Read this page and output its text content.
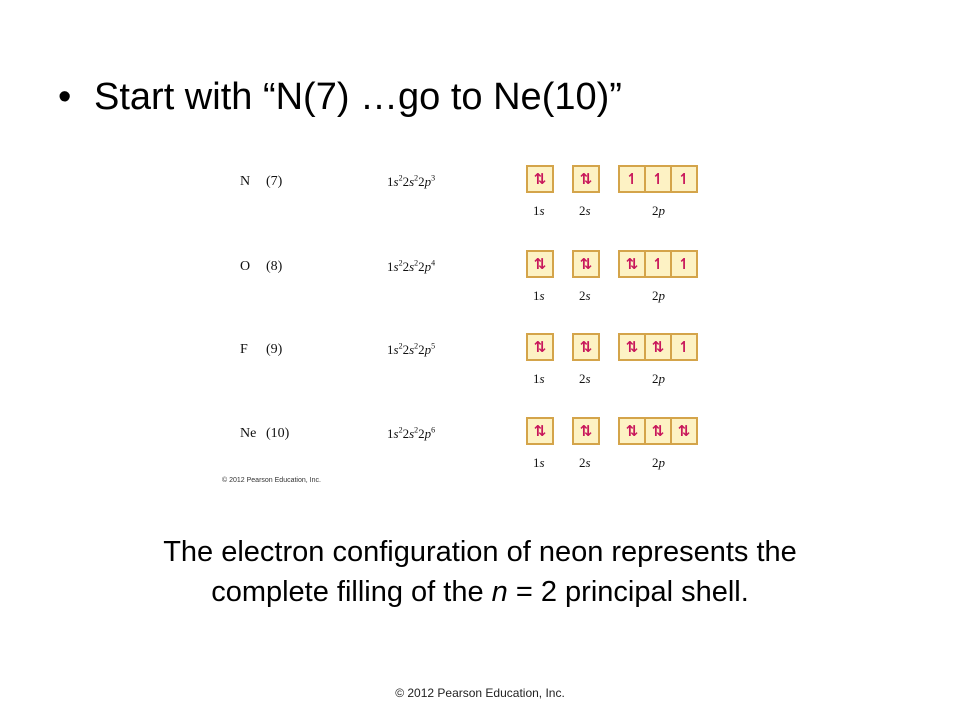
• Start with “N(7) …go to Ne(10)”
N (7)	$1s^22s^22p^3$	⇅	⇅	↿ ↿ ↿
1s	2s	2p
O (8)	$1s^22s^22p^4$	⇅	⇅	⇅ ↿ ↿
1s	2s	2p
F (9)	$1s^22s^22p^5$	⇅	⇅	⇅ ⇅ ↿
1s	2s	2p
Ne (10)	$1s^22s^22p^6$	⇅	⇅	⇅ ⇅ ⇅
1s	2s	2p
© 2012 Pearson Education, Inc.
The electron configuration of neon represents the
complete filling of the n = 2 principal shell.
© 2012 Pearson Education, Inc.
